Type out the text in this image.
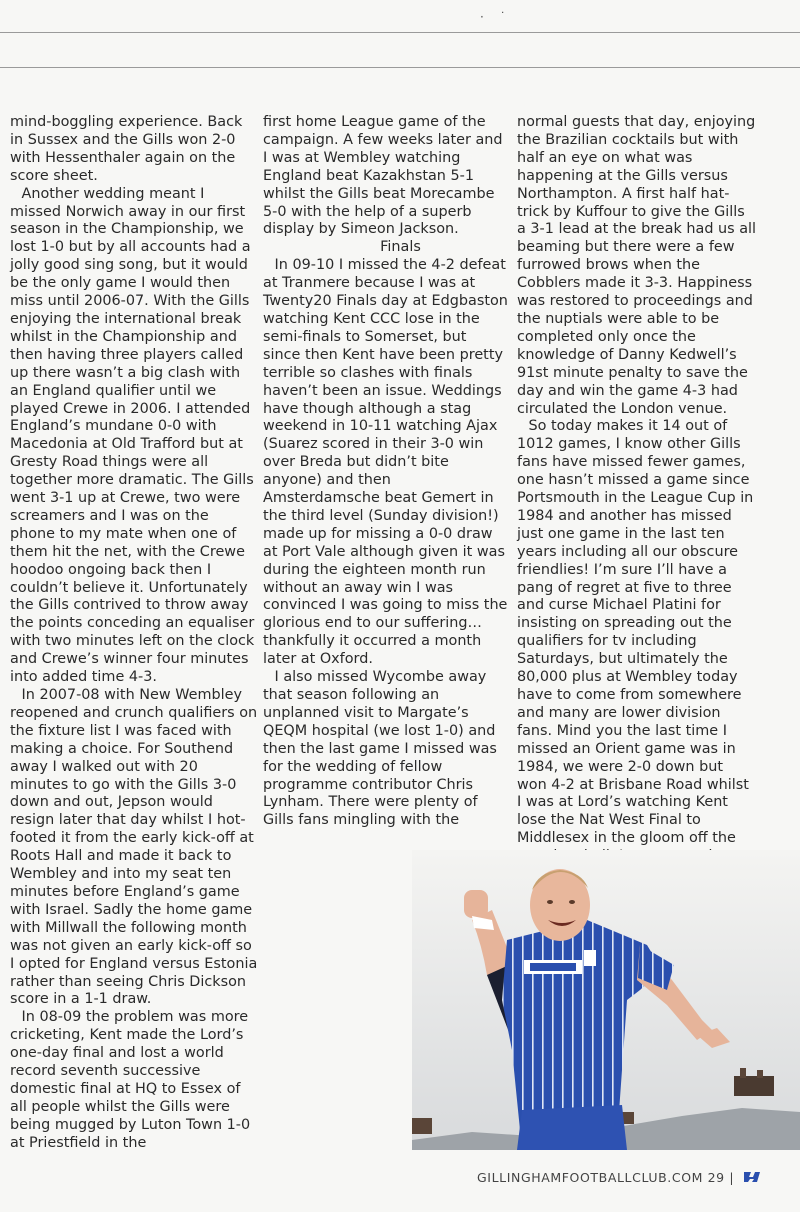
· ˙

mind-boggling experience. Back in Sussex and the Gills won 2-0 with Hessenthaler again on the score sheet.

Another wedding meant I missed Norwich away in our first season in the Championship, we lost 1-0 but by all accounts had a jolly good sing song, but it would be the only game I would then miss until 2006-07. With the Gills enjoying the international break whilst in the Championship and then having three players called up there wasn’t a big clash with an England qualifier until we played Crewe in 2006. I attended England’s mundane 0-0 with Macedonia at Old Trafford but at Gresty Road things were all together more dramatic. The Gills went 3-1 up at Crewe, two were screamers and I was on the phone to my mate when one of them hit the net, with the Crewe hoodoo ongoing back then I couldn’t believe it. Unfortunately the Gills contrived to throw away the points conceding an equaliser with two minutes left on the clock and Crewe’s winner four minutes into added time 4-3.

In 2007-08 with New Wembley reopened and crunch qualifiers on the fixture list I was faced with making a choice. For Southend away I walked out with 20 minutes to go with the Gills 3-0 down and out, Jepson would resign later that day whilst I hot-footed it from the early kick-off at Roots Hall and made it back to Wembley and into my seat ten minutes before England’s game with Israel. Sadly the home game with Millwall the following month was not given an early kick-off so I opted for England versus Estonia rather than seeing Chris Dickson score in a 1-1 draw.

In 08-09 the problem was more cricketing, Kent made the Lord’s one-day final and lost a world record seventh successive domestic final at HQ to Essex of all people whilst the Gills were being mugged by Luton Town 1-0 at Priestfield in the

first home League game of the campaign. A few weeks later and I was at Wembley watching England beat Kazakhstan 5-1 whilst the Gills beat Morecambe 5-0 with the help of a superb display by Simeon Jackson.

Finals

In 09-10 I missed the 4-2 defeat at Tranmere because I was at Twenty20 Finals day at Edgbaston watching Kent CCC lose in the semi-finals to Somerset, but since then Kent have been pretty terrible so clashes with finals haven’t been an issue. Weddings have though although a stag weekend in 10-11 watching Ajax (Suarez scored in their 3-0 win over Breda but didn’t bite anyone) and then Amsterdamsche beat Gemert in the third level (Sunday division!) made up for missing a 0-0 draw at Port Vale although given it was during the eighteen month run without an away win I was convinced I was going to miss the glorious end to our suffering… thankfully it occurred a month later at Oxford.

I also missed Wycombe away that season following an unplanned visit to Margate’s QEQM hospital (we lost 1-0) and then the last game I missed was for the wedding of fellow programme contributor Chris Lynham. There were plenty of Gills fans mingling with the

normal guests that day, enjoying the Brazilian cocktails but with half an eye on what was happening at the Gills versus Northampton. A first half hat-trick by Kuffour to give the Gills a 3-1 lead at the break had us all beaming but there were a few furrowed brows when the Cobblers made it 3-3. Happiness was restored to proceedings and the nuptials were able to be completed only once the knowledge of Danny Kedwell’s 91st minute penalty to save the day and win the game 4-3 had circulated the London venue.

So today makes it 14 out of 1012 games, I know other Gills fans have missed fewer games, one hasn’t missed a game since Portsmouth in the League Cup in 1984 and another has missed just one game in the last ten years including all our obscure friendlies! I’m sure I’ll have a pang of regret at five to three and curse Michael Platini for insisting on spreading out the qualifiers for tv including Saturdays, but ultimately the 80,000 plus at Wembley today have to come from somewhere and many are lower division fans. Mind you the last time I missed an Orient game was in 1984, we were 2-0 down but won 4-2 at Brisbane Road whilst I was at Lord’s watching Kent lose the Nat West Final to Middlesex in the gloom off the

GILLINGHAMFOOTBALLCLUB.COM 29 |
